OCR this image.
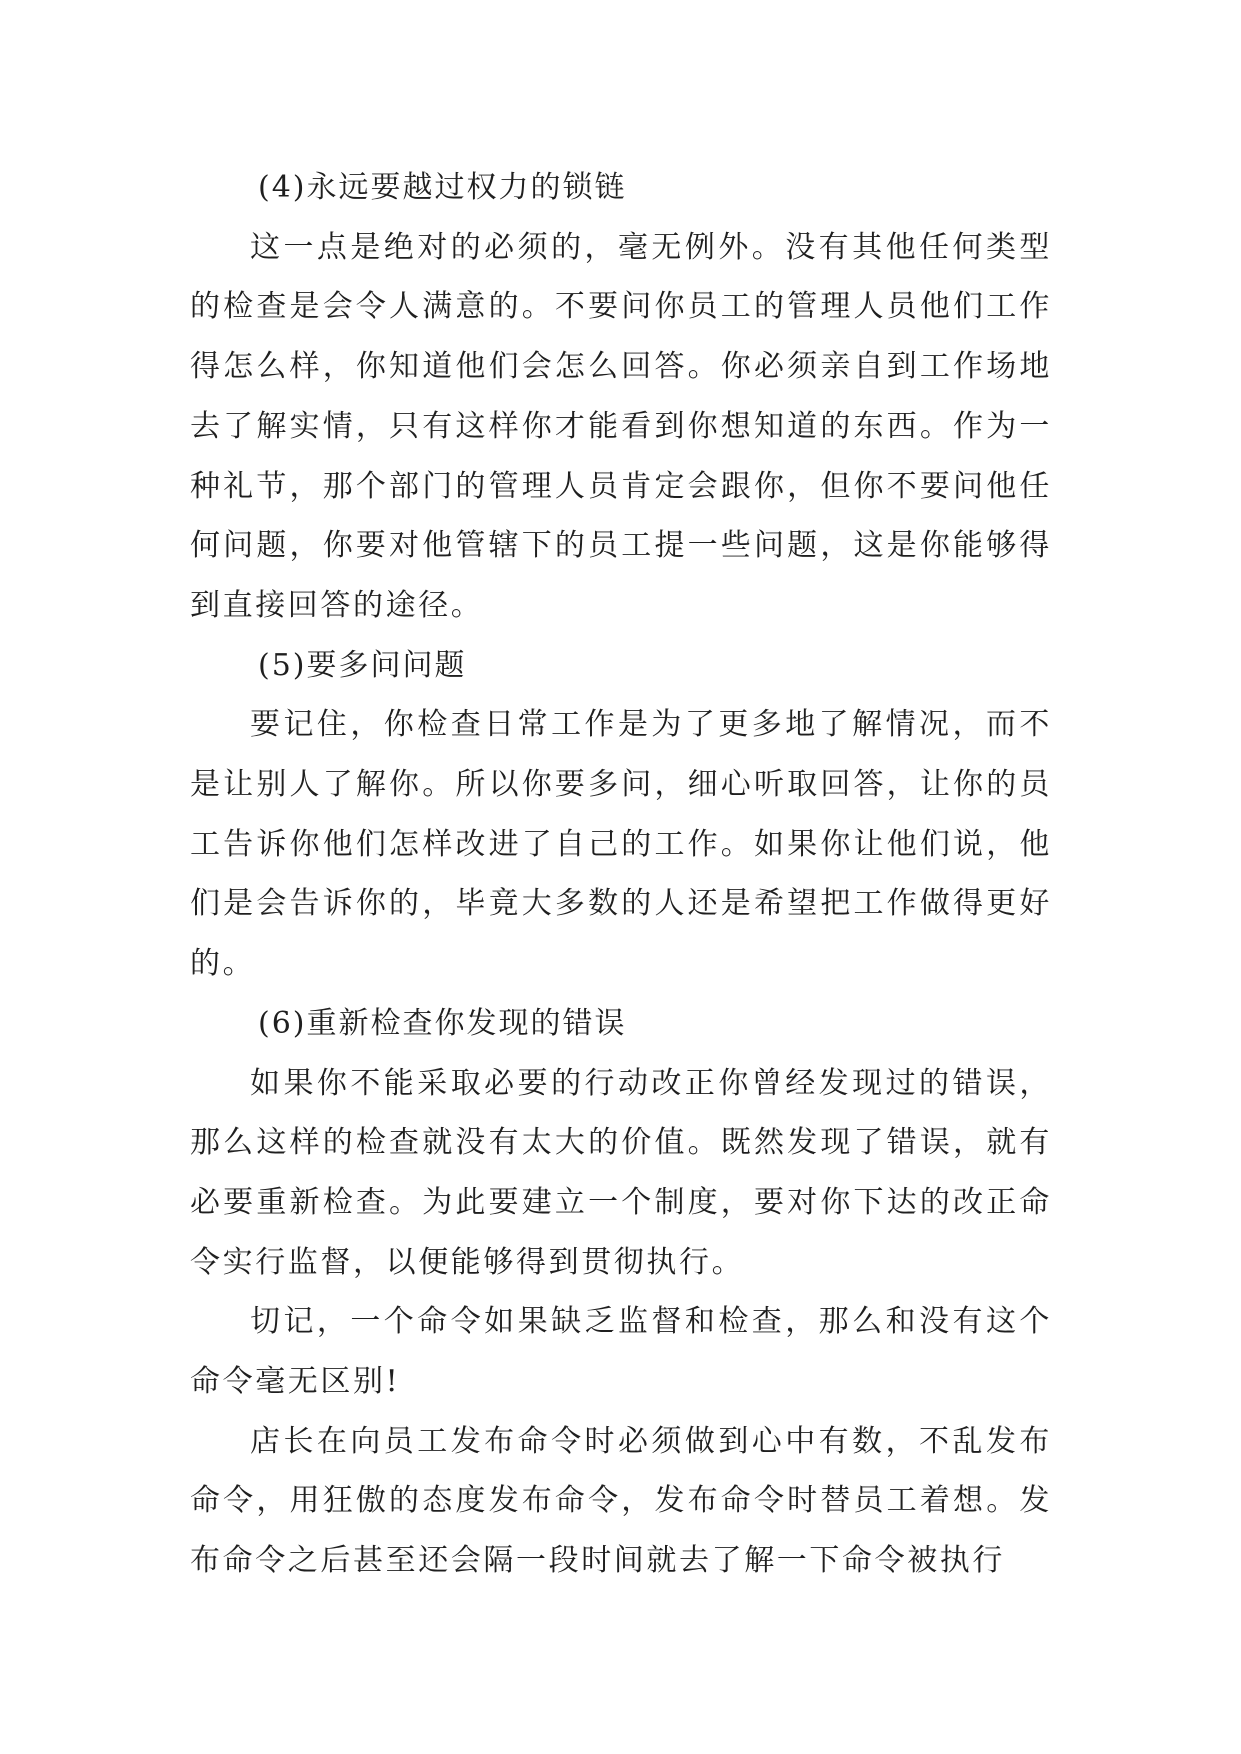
(4)永远要越过权力的锁链

这一点是绝对的必须的，毫无例外。没有其他任何类型的检查是会令人满意的。不要问你员工的管理人员他们工作得怎么样，你知道他们会怎么回答。你必须亲自到工作场地去了解实情，只有这样你才能看到你想知道的东西。作为一种礼节，那个部门的管理人员肯定会跟你，但你不要问他任何问题，你要对他管辖下的员工提一些问题，这是你能够得到直接回答的途径。

(5)要多问问题

要记住，你检查日常工作是为了更多地了解情况，而不是让别人了解你。所以你要多问，细心听取回答，让你的员工告诉你他们怎样改进了自己的工作。如果你让他们说，他们是会告诉你的，毕竟大多数的人还是希望把工作做得更好的。

(6)重新检查你发现的错误

如果你不能采取必要的行动改正你曾经发现过的错误，那么这样的检查就没有太大的价值。既然发现了错误，就有必要重新检查。为此要建立一个制度，要对你下达的改正命令实行监督，以便能够得到贯彻执行。

切记，一个命令如果缺乏监督和检查，那么和没有这个命令毫无区别!

店长在向员工发布命令时必须做到心中有数，不乱发布命令，用狂傲的态度发布命令，发布命令时替员工着想。发布命令之后甚至还会隔一段时间就去了解一下命令被执行
